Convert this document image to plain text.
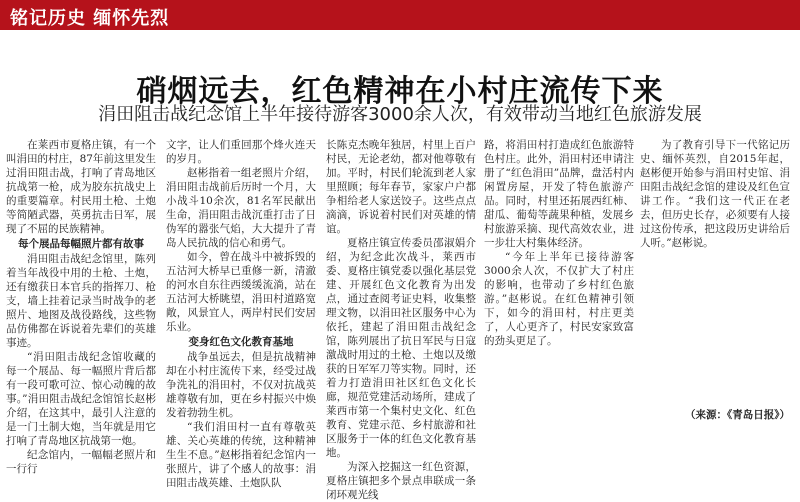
铭记历史 缅怀先烈
硝烟远去，红色精神在小村庄流传下来
涓田阻击战纪念馆上半年接待游客3000余人次，有效带动当地红色旅游发展

在莱西市夏格庄镇，有一个叫涓田的村庄，87年前这里发生过涓田阻击战，打响了青岛地区抗战第一枪，成为胶东抗战史上的重要篇章。村民用土枪、土炮等简陋武器，英勇抗击日军，展现了不屈的民族精神。

每个展品每幅照片都有故事

涓田阻击战纪念馆里，陈列着当年战役中用的土枪、土炮，还有缴获日本官兵的指挥刀、枪支，墙上挂着记录当时战争的老照片、地图及战役路线，这些物品仿佛都在诉说着先辈们的英雄事迹。

“涓田阻击战纪念馆收藏的每一个展品、每一幅照片背后都有一段可歌可泣、惊心动魄的故事。”涓田阻击战纪念馆馆长赵彬介绍，在这其中，最引人注意的是一门土制大炮，当年就是用它打响了青岛地区抗战第一炮。

纪念馆内，一幅幅老照片和一行行

文字，让人们重回那个烽火连天的岁月。

赵彬指着一组老照片介绍，涓田阻击战前后历时一个月，大小战斗10余次，81名军民献出生命，涓田阻击战沉重打击了日伪军的嚣张气焰，大大提升了青岛人民抗战的信心和勇气。

如今，曾在战斗中被拆毁的五沽河大桥早已重修一新，清澈的河水自东往西缓缓流淌，站在五沽河大桥眺望，涓田村道路宽敞，风景宜人，两岸村民们安居乐业。

变身红色文化教育基地

战争虽远去，但是抗战精神却在小村庄流传下来，经受过战争洗礼的涓田村，不仅对抗战英雄尊敬有加，更在乡村振兴中焕发着勃勃生机。

“我们涓田村一直有尊敬英雄、关心英雄的传统，这种精神生生不息。”赵彬指着纪念馆内一张照片，讲了个感人的故事：涓田阻击战英雄、土炮队队

长陈克杰晚年独居，村里上百户村民，无论老幼，都对他尊敬有加。平时，村民们轮流到老人家里照顾；每年春节，家家户户都争相给老人家送饺子。这些点点滴滴，诉说着村民们对英雄的情谊。

夏格庄镇宣传委员邵淑娟介绍，为纪念此次战斗，莱西市委、夏格庄镇党委以强化基层党建、开展红色文化教育为出发点，通过查阅考证史料，收集整理文物，以涓田社区服务中心为依托，建起了涓田阻击战纪念馆，陈列展出了抗日军民与日寇激战时用过的土枪、土炮以及缴获的日军军刀等实物。同时，还着力打造涓田社区红色文化长廊，规范党建活动场所，建成了莱西市第一个集村史文化、红色教育、党建示范、乡村旅游和社区服务于一体的红色文化教育基地。

为深入挖掘这一红色资源，夏格庄镇把多个景点串联成一条闭环观光线

路，将涓田村打造成红色旅游特色村庄。此外，涓田村还申请注册了“红色涓田”品牌，盘活村内闲置房屋，开发了特色旅游产品。同时，村里还拓展西红柿、甜瓜、葡萄等蔬果种植，发展乡村旅游采摘、现代高效农业，进一步壮大村集体经济。

“今年上半年已接待游客3000余人次，不仅扩大了村庄的影响，也带动了乡村红色旅游。”赵彬说。在红色精神引领下，如今的涓田村，村庄更美了，人心更齐了，村民安家致富的劲头更足了。

为了教育引导下一代铭记历史、缅怀英烈，自2015年起，赵彬便开始参与涓田村史馆、涓田阻击战纪念馆的建设及红色宣讲工作。“我们这一代正在老去，但历史长存，必须要有人接过这份传承，把这段历史讲给后人听。”赵彬说。

（来源：《青岛日报》）
